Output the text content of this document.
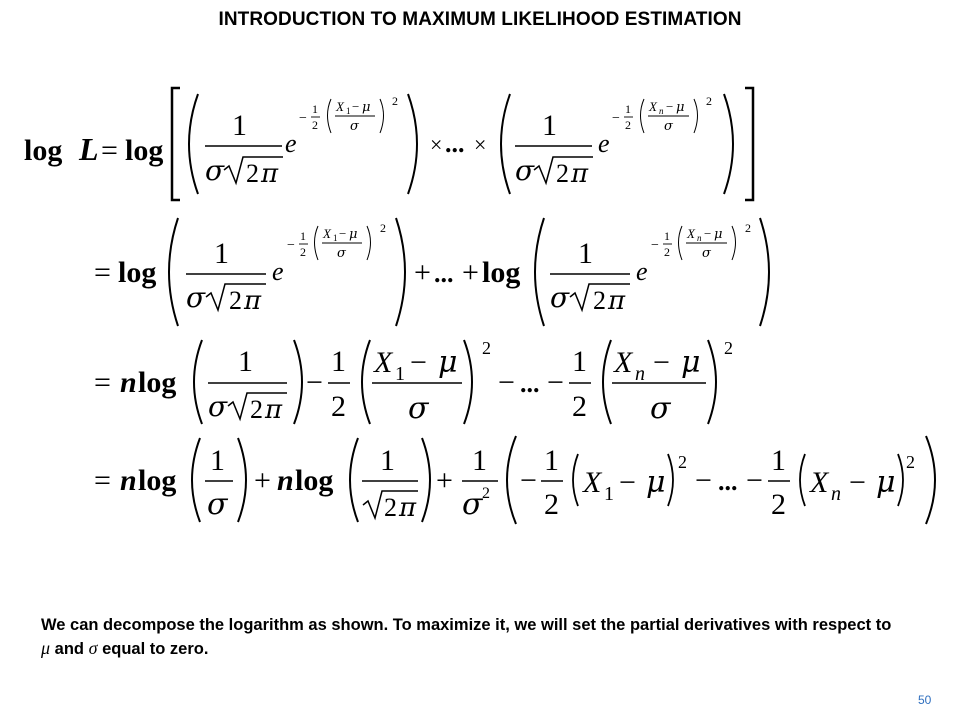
INTRODUCTION TO MAXIMUM LIKELIHOOD ESTIMATION
log L = log
1
σ 2 π
e
−
1
2
X 1 − μ
σ
2
× ... ×
1
σ 2 π
e
−
1
2
X n − μ
σ
2
= log
1
σ 2 π
e
−
1
2
X 1 − μ
σ
2
+ ... + log
1
σ 2 π
e
−
1
2
X n − μ
σ
2
= n log
1
σ 2 π
−
1
2
X 1 − μ
σ
2
− ... −
1
2
X n − μ
σ
2
= n log
1
σ
+ n log
1
2 π
+
1
σ 2 −
1
2
X 1 − μ
2
− ... −
1
2
X n − μ
2
We can decompose the logarithm as shown. To maximize it, we will set the partial derivatives with respect to μ and σ equal to zero.
50
